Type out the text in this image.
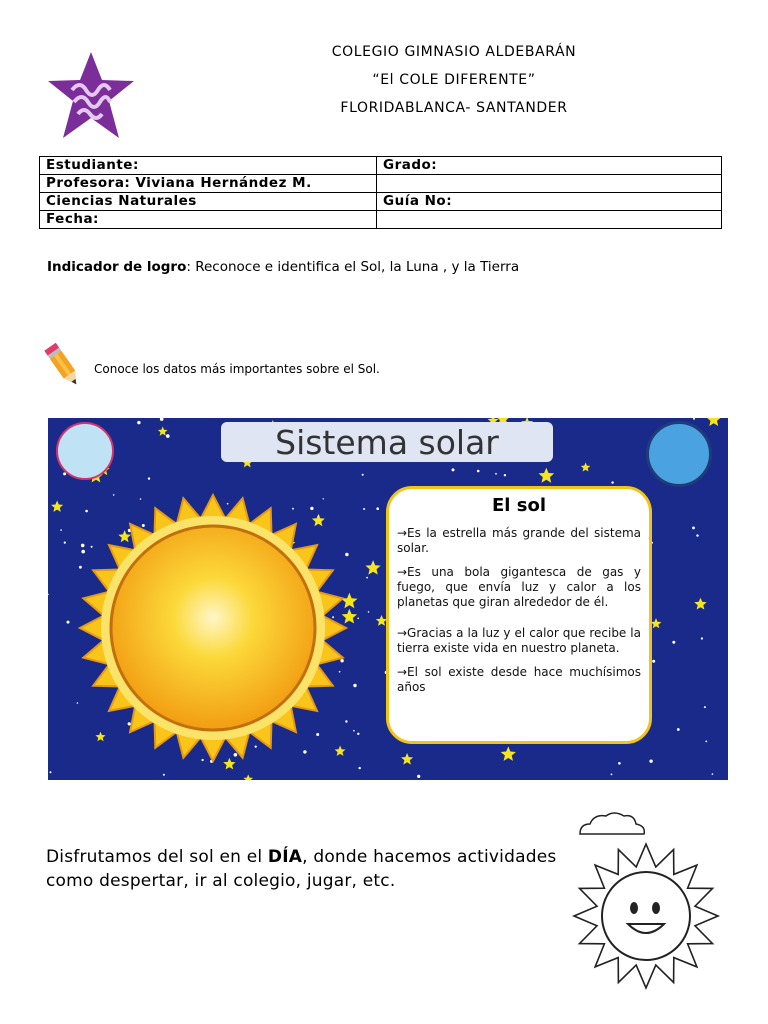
COLEGIO GIMNASIO ALDEBARÁN
“El COLE DIFERENTE”
FLORIDABLANCA- SANTANDER
Estudiante:	Grado:
Profesora: Viviana Hernández M.	
Ciencias Naturales	Guía No:
Fecha:	
Indicador de logro: Reconoce e identifica el Sol, la Luna , y la Tierra
Conoce los datos más importantes sobre el Sol.
Sistema solar
El sol

→Es la estrella más grande del sistema solar.

→Es una bola gigantesca de gas y fuego, que envía luz y calor a los planetas que giran alrededor de él.

→Gracias a la luz y el calor que recibe la tierra existe vida en nuestro planeta.

→El sol existe desde hace muchísimos años

Disfrutamos del sol en el DÍA, donde hacemos actividades como despertar, ir al colegio, jugar, etc.
